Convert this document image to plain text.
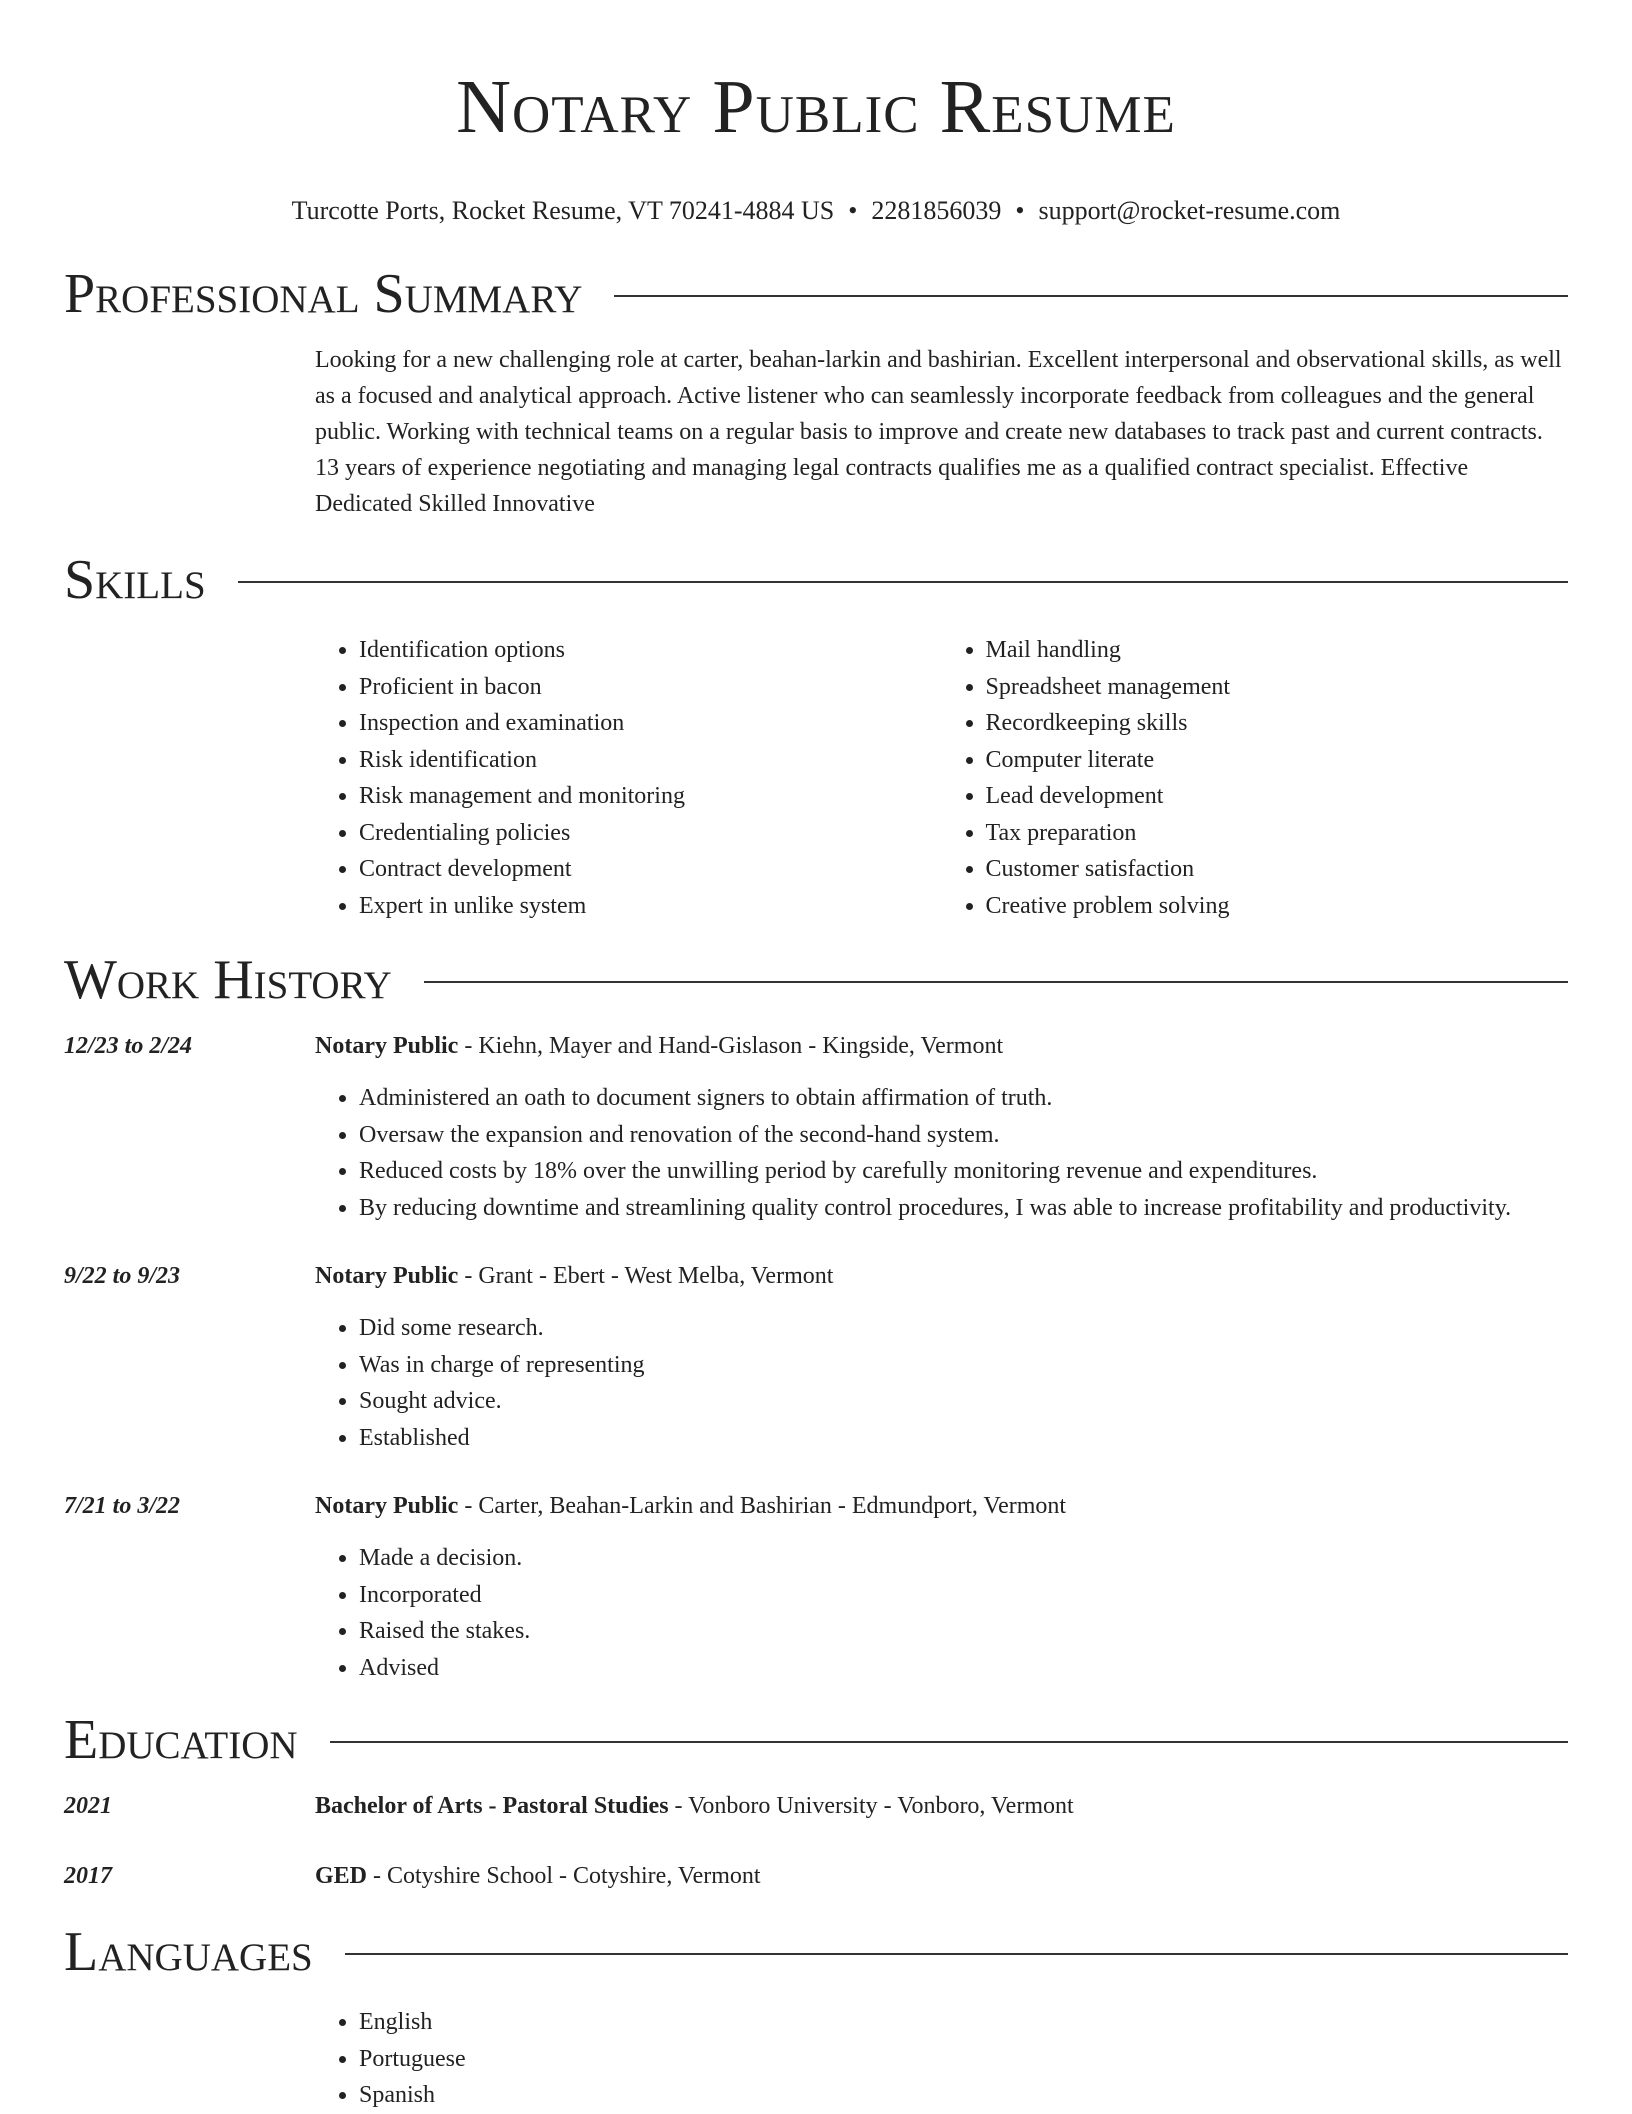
Notary Public Resume
Turcotte Ports, Rocket Resume, VT 70241-4884 US • 2281856039 • support@rocket-resume.com
Professional Summary
Looking for a new challenging role at carter, beahan-larkin and bashirian. Excellent interpersonal and observational skills, as well as a focused and analytical approach. Active listener who can seamlessly incorporate feedback from colleagues and the general public. Working with technical teams on a regular basis to improve and create new databases to track past and current contracts. 13 years of experience negotiating and managing legal contracts qualifies me as a qualified contract specialist. Effective Dedicated Skilled Innovative
Skills
• Identification options
• Proficient in bacon
• Inspection and examination
• Risk identification
• Risk management and monitoring
• Credentialing policies
• Contract development
• Expert in unlike system
• Mail handling
• Spreadsheet management
• Recordkeeping skills
• Computer literate
• Lead development
• Tax preparation
• Customer satisfaction
• Creative problem solving
Work History
12/23 to 2/24	Notary Public - Kiehn, Mayer and Hand-Gislason - Kingside, Vermont
• Administered an oath to document signers to obtain affirmation of truth.
• Oversaw the expansion and renovation of the second-hand system.
• Reduced costs by 18% over the unwilling period by carefully monitoring revenue and expenditures.
• By reducing downtime and streamlining quality control procedures, I was able to increase profitability and productivity.
9/22 to 9/23	Notary Public - Grant - Ebert - West Melba, Vermont
• Did some research.
• Was in charge of representing
• Sought advice.
• Established
7/21 to 3/22	Notary Public - Carter, Beahan-Larkin and Bashirian - Edmundport, Vermont
• Made a decision.
• Incorporated
• Raised the stakes.
• Advised
Education
2021	Bachelor of Arts - Pastoral Studies - Vonboro University - Vonboro, Vermont
2017	GED - Cotyshire School - Cotyshire, Vermont
Languages
• English
• Portuguese
• Spanish
